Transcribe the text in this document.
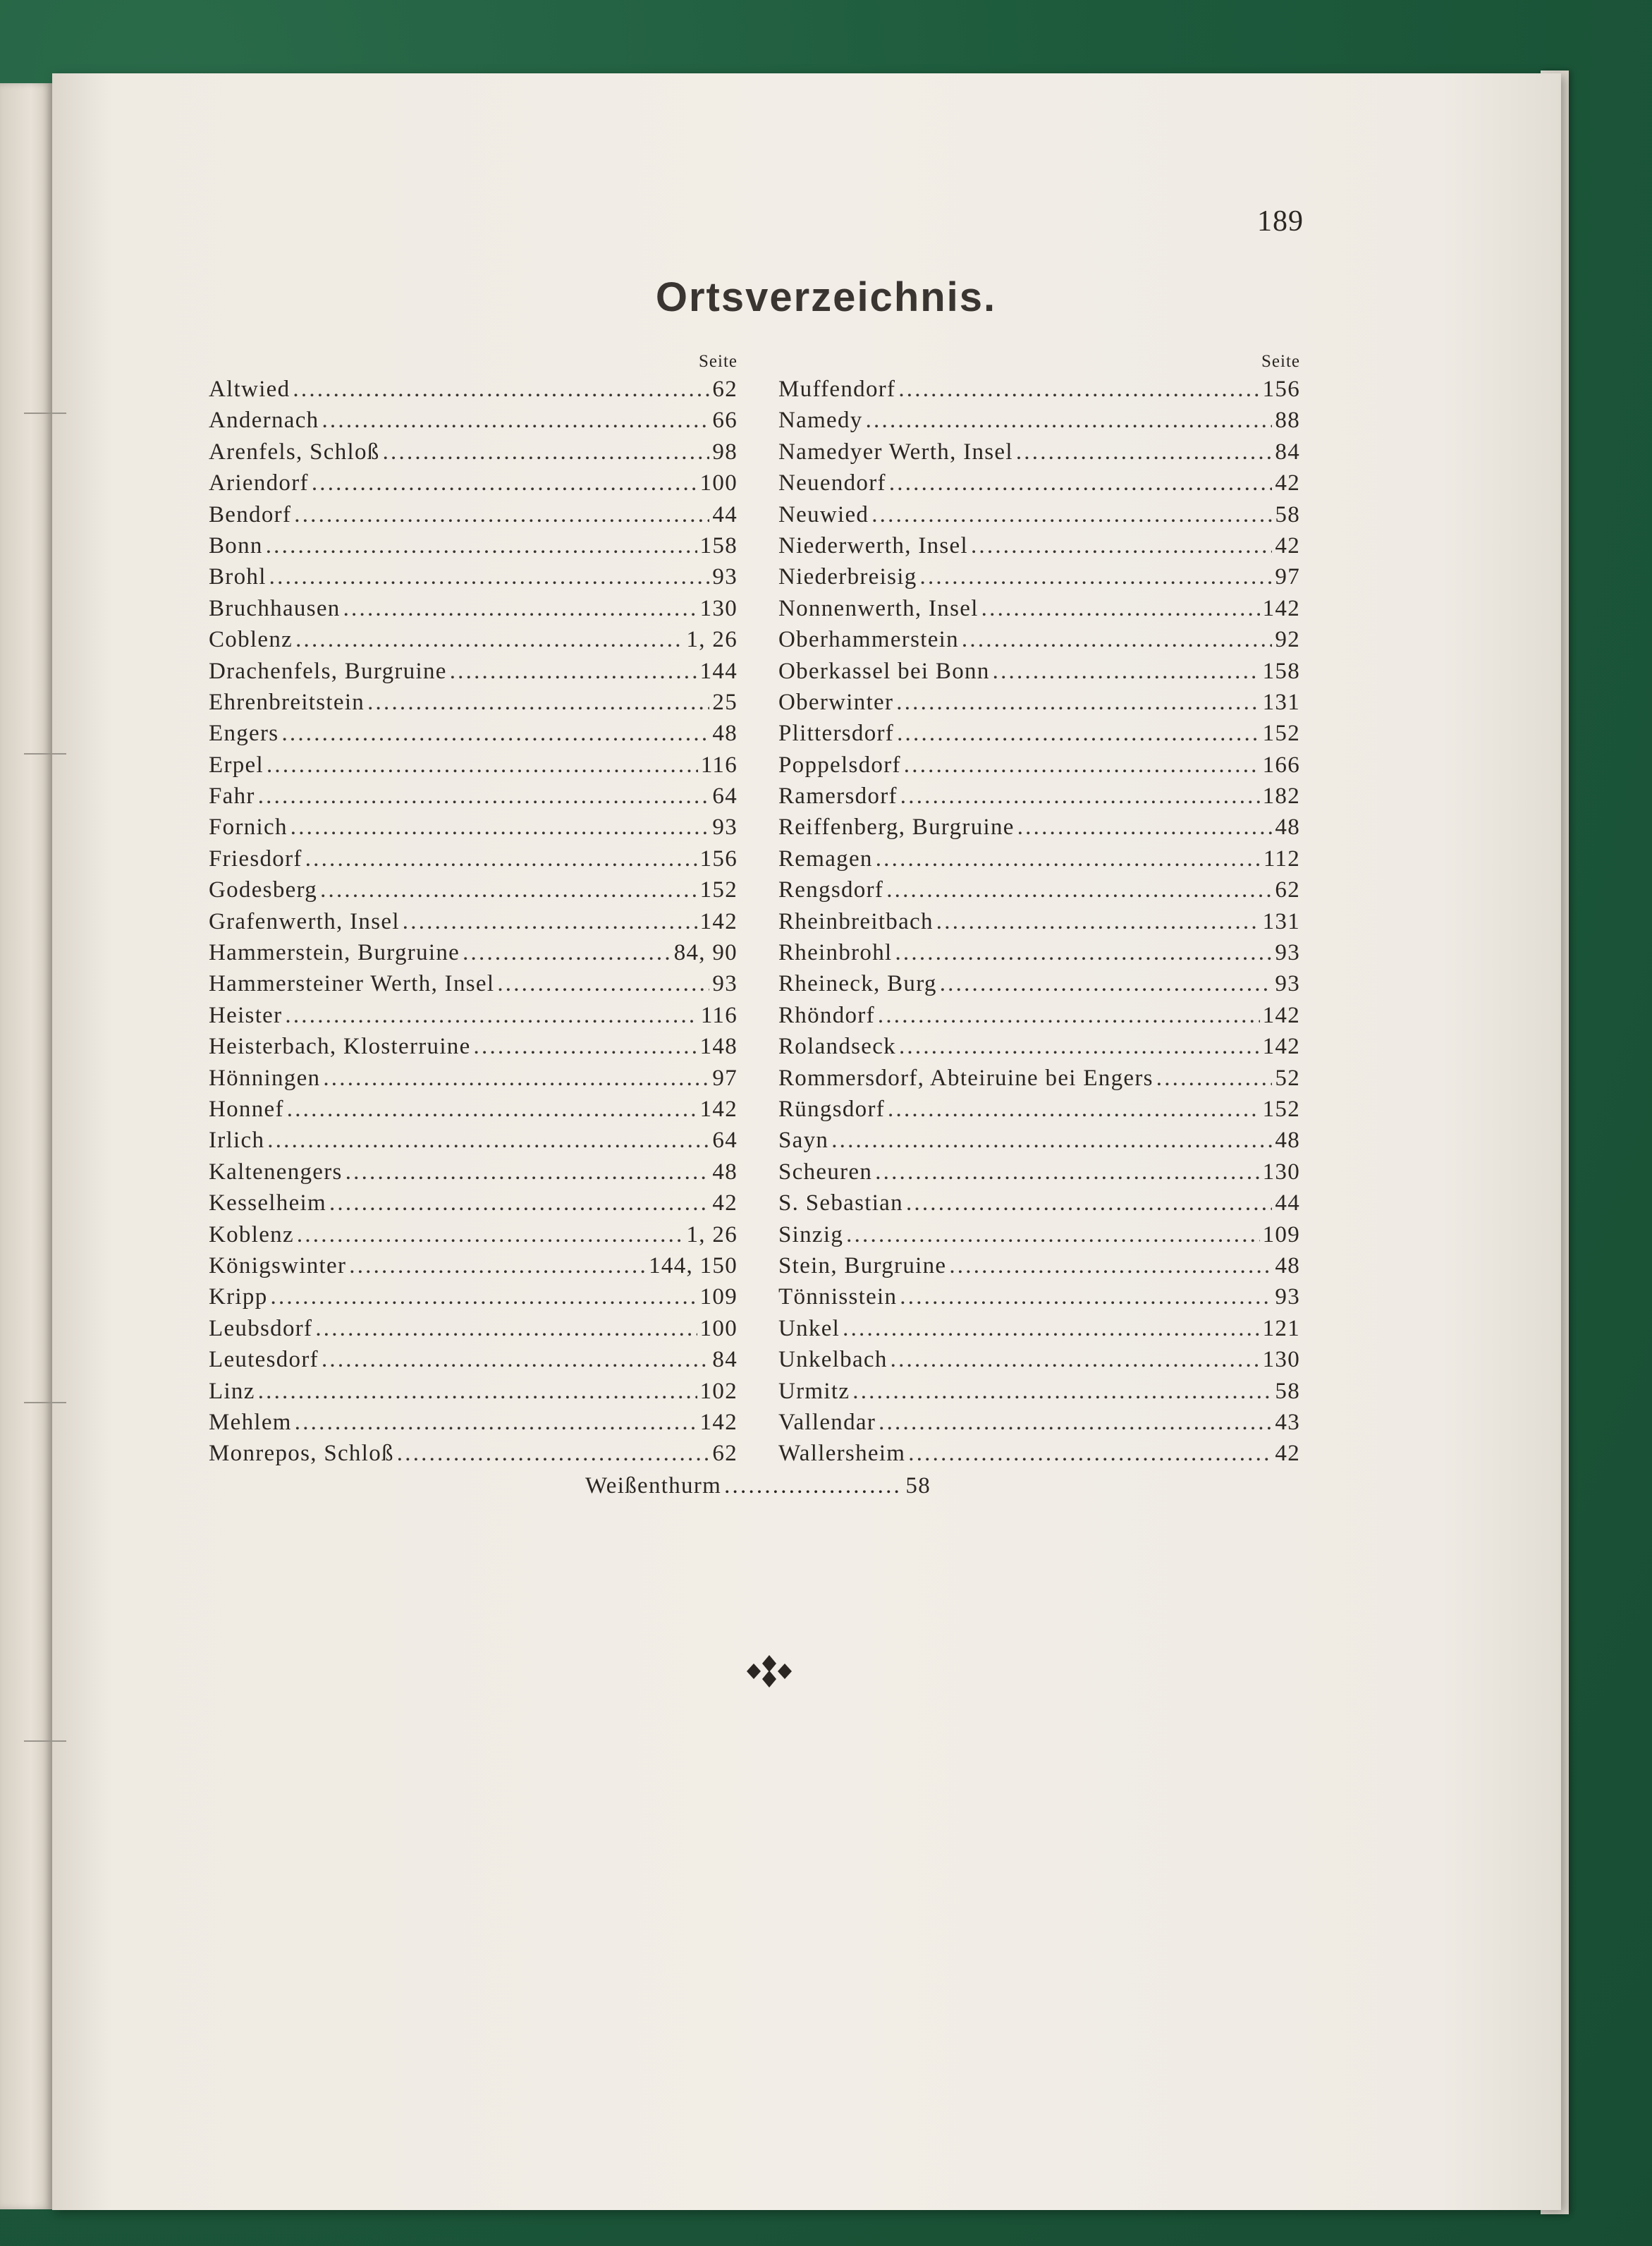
189
Ortsverzeichnis.
Seite
Altwied .....	62
Andernach .....	66
Arenfels, Schloß .....	98
Ariendorf .....	100
Bendorf .....	44
Bonn .....	158
Brohl .....	93
Bruchhausen .....	130
Coblenz .....	1, 26
Drachenfels, Burgruine .....	144
Ehrenbreitstein .....	25
Engers .....	48
Erpel .....	116
Fahr .....	64
Fornich .....	93
Friesdorf .....	156
Godesberg .....	152
Grafenwerth, Insel .....	142
Hammerstein, Burgruine .....	84, 90
Hammersteiner Werth, Insel .....	93
Heister .....	116
Heisterbach, Klosterruine .....	148
Hönningen .....	97
Honnef .....	142
Irlich .....	64
Kaltenengers .....	48
Kesselheim .....	42
Koblenz .....	1, 26
Königswinter .....	144, 150
Kripp .....	109
Leubsdorf .....	100
Leutesdorf .....	84
Linz .....	102
Mehlem .....	142
Monrepos, Schloß .....	62
Seite
Muffendorf .....	156
Namedy .....	88
Namedyer Werth, Insel .....	84
Neuendorf .....	42
Neuwied .....	58
Niederwerth, Insel .....	42
Niederbreisig .....	97
Nonnenwerth, Insel .....	142
Oberhammerstein .....	92
Oberkassel bei Bonn .....	158
Oberwinter .....	131
Plittersdorf .....	152
Poppelsdorf .....	166
Ramersdorf .....	182
Reiffenberg, Burgruine .....	48
Remagen .....	112
Rengsdorf .....	62
Rheinbreitbach .....	131
Rheinbrohl .....	93
Rheineck, Burg .....	93
Rhöndorf .....	142
Rolandseck .....	142
Rommersdorf, Abteiruine bei Engers .....	52
Rüngsdorf .....	152
Sayn .....	48
Scheuren .....	130
S. Sebastian .....	44
Sinzig .....	109
Stein, Burgruine .....	48
Tönnisstein .....	93
Unkel .....	121
Unkelbach .....	130
Urmitz .....	58
Vallendar .....	43
Wallersheim .....	42
Weißenthurm .....	58
